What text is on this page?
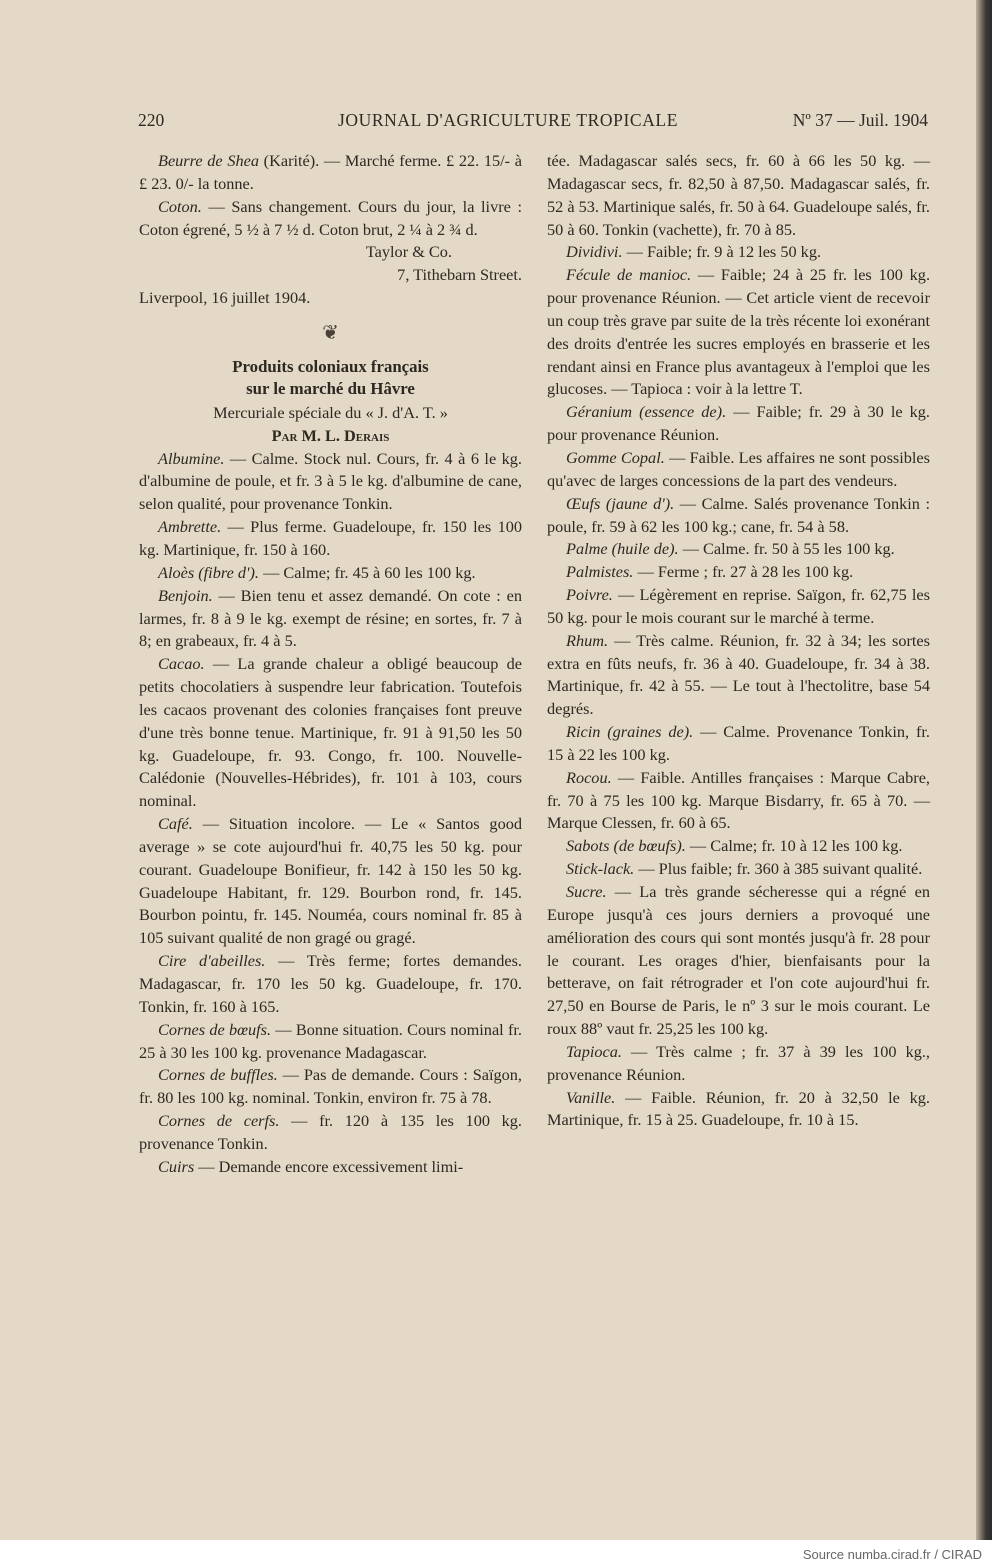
220	JOURNAL D'AGRICULTURE TROPICALE	Nº 37 — Juil. 1904

Beurre de Shea (Karité). — Marché ferme. £ 22. 15/- à £ 23. 0/- la tonne.

Coton. — Sans changement. Cours du jour, la livre : Coton égrené, 5 ½ à 7 ½ d. Coton brut, 2 ¼ à 2 ¾ d.

Taylor & Co.

7, Tithebarn Street.

Liverpool, 16 juillet 1904.

❦

Produits coloniaux français

sur le marché du Hâvre

Mercuriale spéciale du « J. d'A. T. »

Par M. L. Derais

Albumine. — Calme. Stock nul. Cours, fr. 4 à 6 le kg. d'albumine de poule, et fr. 3 à 5 le kg. d'albumine de cane, selon qualité, pour provenance Tonkin.

Ambrette. — Plus ferme. Guadeloupe, fr. 150 les 100 kg. Martinique, fr. 150 à 160.

Aloès (fibre d'). — Calme; fr. 45 à 60 les 100 kg.

Benjoin. — Bien tenu et assez demandé. On cote : en larmes, fr. 8 à 9 le kg. exempt de résine; en sortes, fr. 7 à 8; en grabeaux, fr. 4 à 5.

Cacao. — La grande chaleur a obligé beaucoup de petits chocolatiers à suspendre leur fabrication. Toutefois les cacaos provenant des colonies françaises font preuve d'une très bonne tenue. Martinique, fr. 91 à 91,50 les 50 kg. Guadeloupe, fr. 93. Congo, fr. 100. Nouvelle-Calédonie (Nouvelles-Hébrides), fr. 101 à 103, cours nominal.

Café. — Situation incolore. — Le « Santos good average » se cote aujourd'hui fr. 40,75 les 50 kg. pour courant. Guadeloupe Bonifieur, fr. 142 à 150 les 50 kg. Guadeloupe Habitant, fr. 129. Bourbon rond, fr. 145. Bourbon pointu, fr. 145. Nouméa, cours nominal fr. 85 à 105 suivant qualité de non gragé ou gragé.

Cire d'abeilles. — Très ferme; fortes demandes. Madagascar, fr. 170 les 50 kg. Guadeloupe, fr. 170. Tonkin, fr. 160 à 165.

Cornes de bœufs. — Bonne situation. Cours nominal fr. 25 à 30 les 100 kg. provenance Madagascar.

Cornes de buffles. — Pas de demande. Cours : Saïgon, fr. 80 les 100 kg. nominal. Tonkin, environ fr. 75 à 78.

Cornes de cerfs. — fr. 120 à 135 les 100 kg. provenance Tonkin.

Cuirs — Demande encore excessivement limi-

tée. Madagascar salés secs, fr. 60 à 66 les 50 kg. — Madagascar secs, fr. 82,50 à 87,50. Madagascar salés, fr. 52 à 53. Martinique salés, fr. 50 à 64. Guadeloupe salés, fr. 50 à 60. Tonkin (vachette), fr. 70 à 85.

Dividivi. — Faible; fr. 9 à 12 les 50 kg.

Fécule de manioc. — Faible; 24 à 25 fr. les 100 kg. pour provenance Réunion. — Cet article vient de recevoir un coup très grave par suite de la très récente loi exonérant des droits d'entrée les sucres employés en brasserie et les rendant ainsi en France plus avantageux à l'emploi que les glucoses. — Tapioca : voir à la lettre T.

Géranium (essence de). — Faible; fr. 29 à 30 le kg. pour provenance Réunion.

Gomme Copal. — Faible. Les affaires ne sont possibles qu'avec de larges concessions de la part des vendeurs.

Œufs (jaune d'). — Calme. Salés provenance Tonkin : poule, fr. 59 à 62 les 100 kg.; cane, fr. 54 à 58.

Palme (huile de). — Calme. fr. 50 à 55 les 100 kg.

Palmistes. — Ferme ; fr. 27 à 28 les 100 kg.

Poivre. — Légèrement en reprise. Saïgon, fr. 62,75 les 50 kg. pour le mois courant sur le marché à terme.

Rhum. — Très calme. Réunion, fr. 32 à 34; les sortes extra en fûts neufs, fr. 36 à 40. Guadeloupe, fr. 34 à 38. Martinique, fr. 42 à 55. — Le tout à l'hectolitre, base 54 degrés.

Ricin (graines de). — Calme. Provenance Tonkin, fr. 15 à 22 les 100 kg.

Rocou. — Faible. Antilles françaises : Marque Cabre, fr. 70 à 75 les 100 kg. Marque Bisdarry, fr. 65 à 70. — Marque Clessen, fr. 60 à 65.

Sabots (de bœufs). — Calme; fr. 10 à 12 les 100 kg.

Stick-lack. — Plus faible; fr. 360 à 385 suivant qualité.

Sucre. — La très grande sécheresse qui a régné en Europe jusqu'à ces jours derniers a provoqué une amélioration des cours qui sont montés jusqu'à fr. 28 pour le courant. Les orages d'hier, bienfaisants pour la betterave, on fait rétrograder et l'on cote aujourd'hui fr. 27,50 en Bourse de Paris, le nº 3 sur le mois courant. Le roux 88º vaut fr. 25,25 les 100 kg.

Tapioca. — Très calme ; fr. 37 à 39 les 100 kg., provenance Réunion.

Vanille. — Faible. Réunion, fr. 20 à 32,50 le kg. Martinique, fr. 15 à 25. Guadeloupe, fr. 10 à 15.

Source numba.cirad.fr / CIRAD
